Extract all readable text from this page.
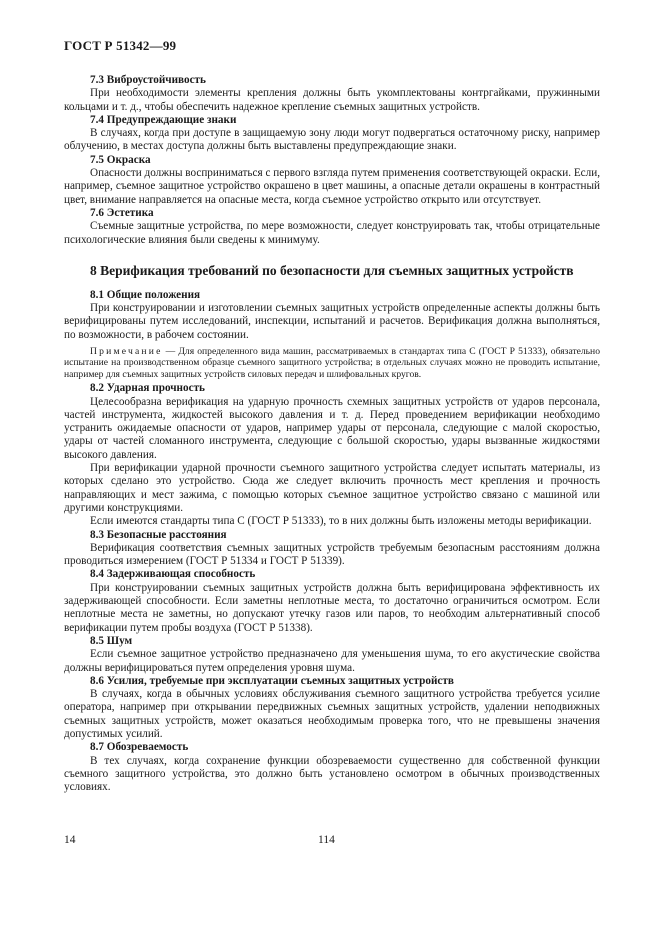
ГОСТ Р 51342—99

7.3 Виброустойчивость

При необходимости элементы крепления должны быть укомплектованы контргайками, пружинными кольцами и т. д., чтобы обеспечить надежное крепление съемных защитных устройств.

7.4 Предупреждающие знаки

В случаях, когда при доступе в защищаемую зону люди могут подвергаться остаточному риску, например облучению, в местах доступа должны быть выставлены предупреждающие знаки.

7.5 Окраска

Опасности должны восприниматься с первого взгляда путем применения соответствующей окраски. Если, например, съемное защитное устройство окрашено в цвет машины, а опасные детали окрашены в контрастный цвет, внимание направляется на опасные места, когда съемное устройство открыто или отсутствует.

7.6 Эстетика

Съемные защитные устройства, по мере возможности, следует конструировать так, чтобы отрицательные психологические влияния были сведены к минимуму.

8 Верификация требований по безопасности для съемных защитных устройств

8.1 Общие положения

При конструировании и изготовлении съемных защитных устройств определенные аспекты должны быть верифицированы путем исследований, инспекции, испытаний и расчетов. Верификация должна выполняться, по возможности, в рабочем состоянии.

Примечание — Для определенного вида машин, рассматриваемых в стандартах типа С (ГОСТ Р 51333), обязательно испытание на производственном образце съемного защитного устройства; в отдельных случаях можно не проводить испытание, например для съемных защитных устройств силовых передач и шлифовальных кругов.

8.2 Ударная прочность

Целесообразна верификация на ударную прочность схемных защитных устройств от ударов персонала, частей инструмента, жидкостей высокого давления и т. д. Перед проведением верификации необходимо устранить ожидаемые опасности от ударов, например удары от персонала, следующие с малой скоростью, удары от частей сломанного инструмента, следующие с большой скоростью, удары вызванные жидкостями высокого давления.

При верификации ударной прочности съемного защитного устройства следует испытать материалы, из которых сделано это устройство. Сюда же следует включить прочность мест крепления и прочность направляющих и мест зажима, с помощью которых съемное защитное устройство связано с машиной или другими конструкциями.

Если имеются стандарты типа С (ГОСТ Р 51333), то в них должны быть изложены методы верификации.

8.3 Безопасные расстояния

Верификация соответствия съемных защитных устройств требуемым безопасным расстояниям должна проводиться измерением (ГОСТ Р 51334 и ГОСТ Р 51339).

8.4 Задерживающая способность

При конструировании съемных защитных устройств должна быть верифицирована эффективность их задерживающей способности. Если заметны неплотные места, то достаточно ограничиться осмотром. Если неплотные места не заметны, но допускают утечку газов или паров, то необходим альтернативный способ верификации путем пробы воздуха (ГОСТ Р 51338).

8.5 Шум

Если съемное защитное устройство предназначено для уменьшения шума, то его акустические свойства должны верифицироваться путем определения уровня шума.

8.6 Усилия, требуемые при эксплуатации съемных защитных устройств

В случаях, когда в обычных условиях обслуживания съемного защитного устройства требуется усилие оператора, например при открывании передвижных съемных защитных устройств, удалении неподвижных съемных защитных устройств, может оказаться необходимым проверка того, что не превышены значения допустимых усилий.

8.7 Обозреваемость

В тех случаях, когда сохранение функции обозреваемости существенно для собственной функции съемного защитного устройства, это должно быть установлено осмотром в обычных производственных условиях.

14	114
